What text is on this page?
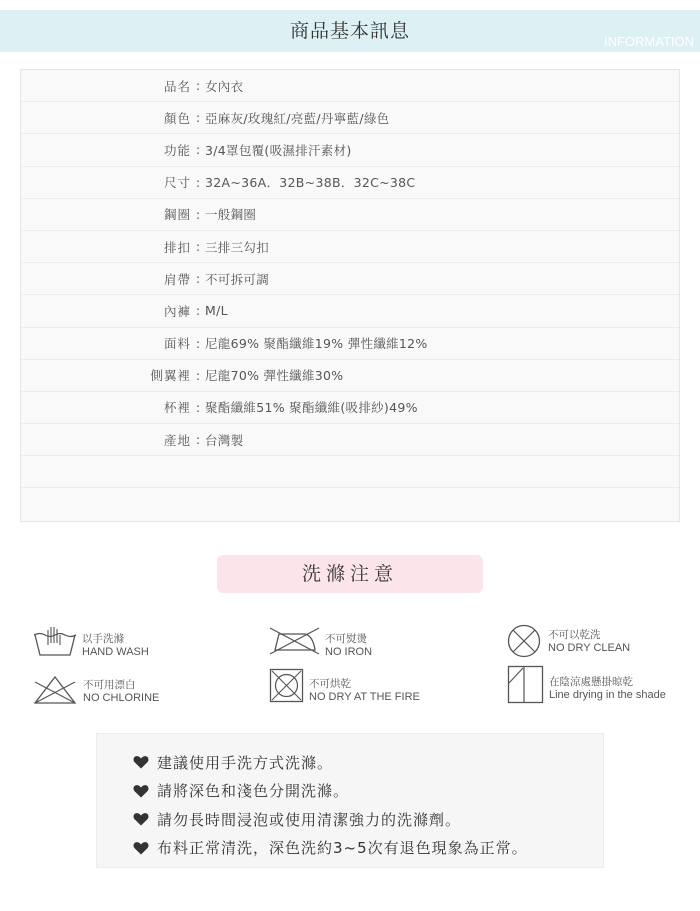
商品基本訊息	INFORMATION
品名 : 女內衣
顏色 : 亞麻灰/玫瑰紅/亮藍/丹寧藍/綠色
功能 : 3/4罩包覆(吸濕排汗素材)
尺寸 : 32A~36A．32B~38B．32C~38C
鋼圈 : 一般鋼圈
排扣 : 三排三勾扣
肩帶 : 不可拆可調
內褲 : M/L
面料 : 尼龍69% 聚酯纖維19% 彈性纖維12%
側翼裡 : 尼龍70% 彈性纖維30%
杯裡 : 聚酯纖維51% 聚酯纖維(吸排紗)49%
產地 : 台灣製
洗滌注意
以手洗滌
HAND WASH
不可熨燙
NO IRON
不可以乾洗
NO DRY CLEAN
不可用漂白
NO CHLORINE
不可烘乾
NO DRY AT THE FIRE
在陰涼處懸掛晾乾
Line drying in the shade
建議使用手洗方式洗滌。
請將深色和淺色分開洗滌。
請勿長時間浸泡或使用清潔強力的洗滌劑。
布料正常清洗，深色洗約3~5次有退色現象為正常。
